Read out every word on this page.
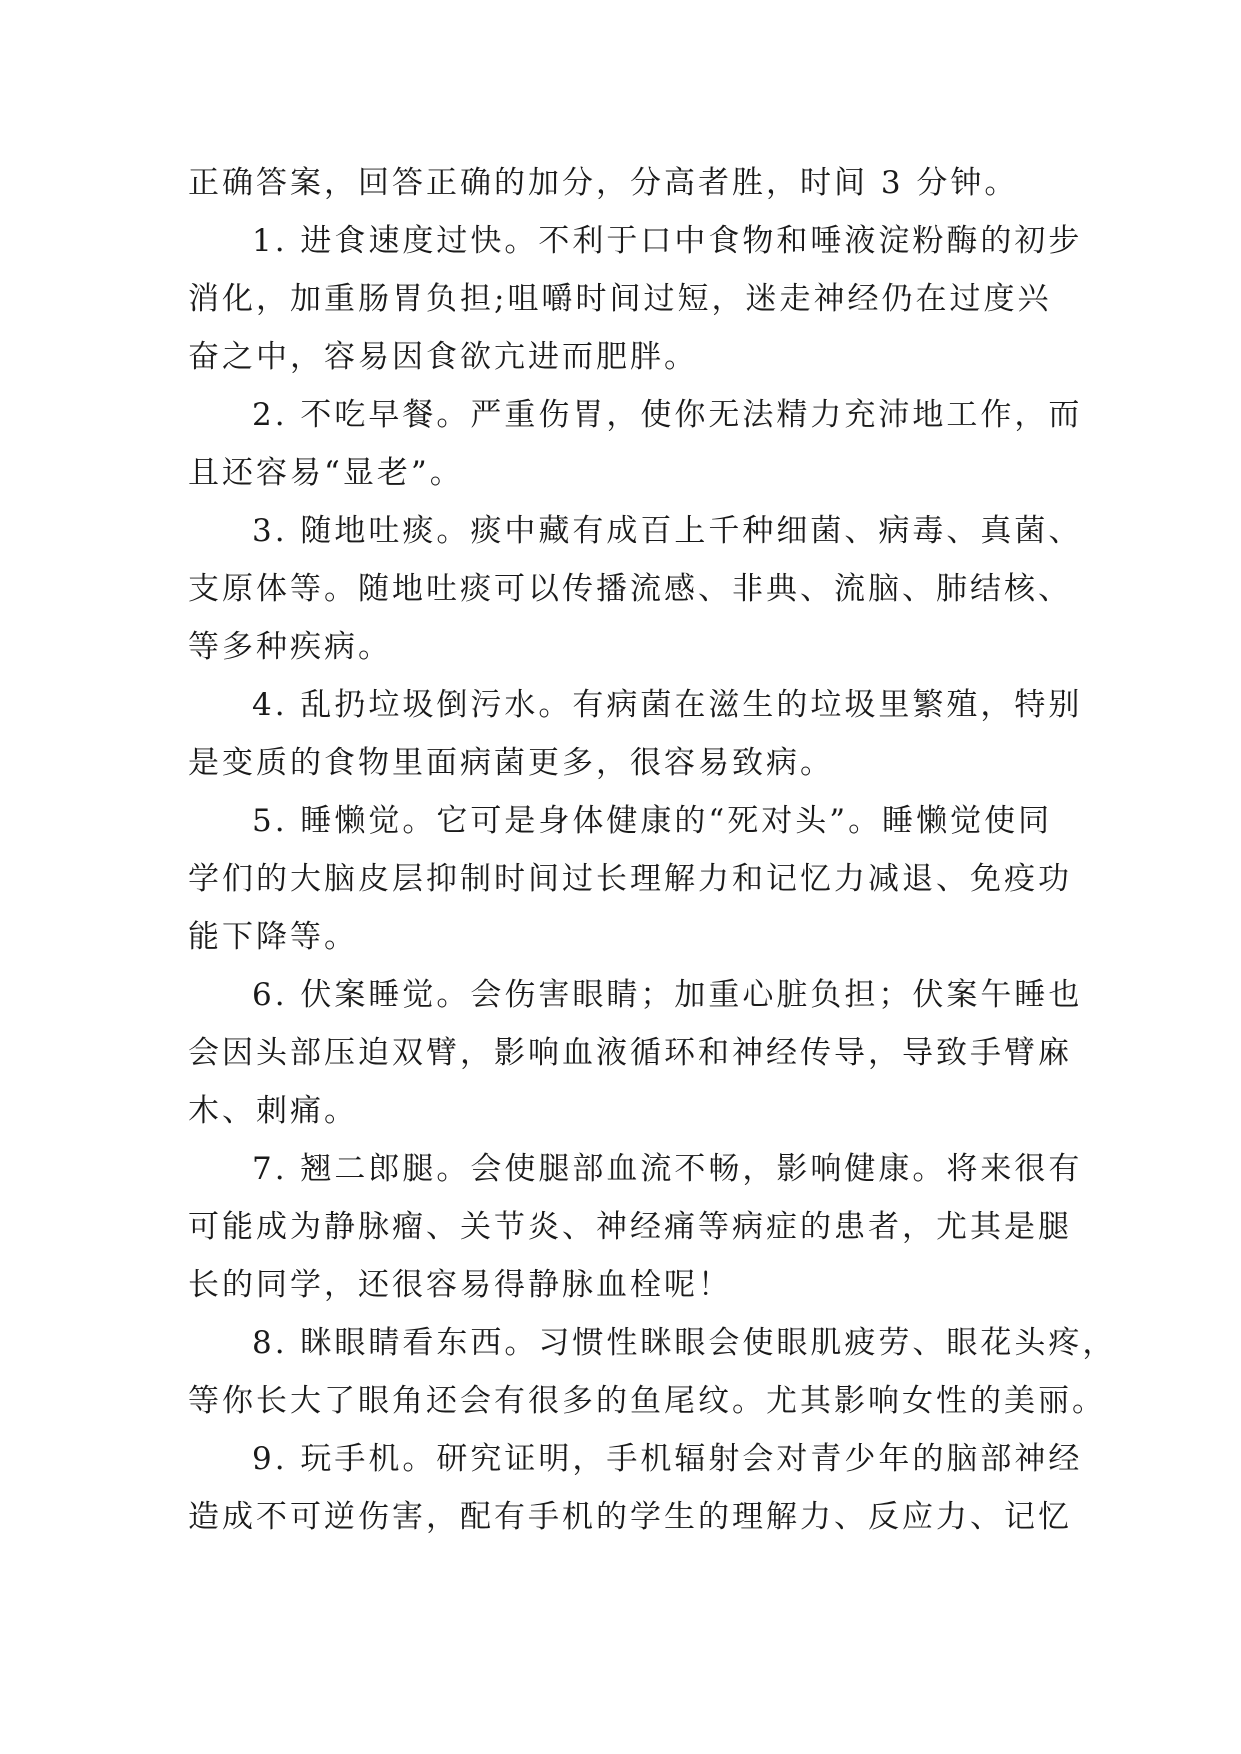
正确答案，回答正确的加分，分高者胜，时间 3 分钟。
1. 进食速度过快。不利于口中食物和唾液淀粉酶的初步
消化，加重肠胃负担;咀嚼时间过短，迷走神经仍在过度兴
奋之中，容易因食欲亢进而肥胖。
2. 不吃早餐。严重伤胃，使你无法精力充沛地工作，而
且还容易“显老”。
3. 随地吐痰。痰中藏有成百上千种细菌、病毒、真菌、
支原体等。随地吐痰可以传播流感、非典、流脑、肺结核、
等多种疾病。
4. 乱扔垃圾倒污水。有病菌在滋生的垃圾里繁殖，特别
是变质的食物里面病菌更多，很容易致病。
5. 睡懒觉。它可是身体健康的“死对头”。睡懒觉使同
学们的大脑皮层抑制时间过长理解力和记忆力减退、免疫功
能下降等。
6. 伏案睡觉。会伤害眼睛；加重心脏负担；伏案午睡也
会因头部压迫双臂，影响血液循环和神经传导，导致手臂麻
木、刺痛。
7. 翘二郎腿。会使腿部血流不畅，影响健康。将来很有
可能成为静脉瘤、关节炎、神经痛等病症的患者，尤其是腿
长的同学，还很容易得静脉血栓呢！
8. 眯眼睛看东西。习惯性眯眼会使眼肌疲劳、眼花头疼，
等你长大了眼角还会有很多的鱼尾纹。尤其影响女性的美丽。
9. 玩手机。研究证明，手机辐射会对青少年的脑部神经
造成不可逆伤害，配有手机的学生的理解力、反应力、记忆
